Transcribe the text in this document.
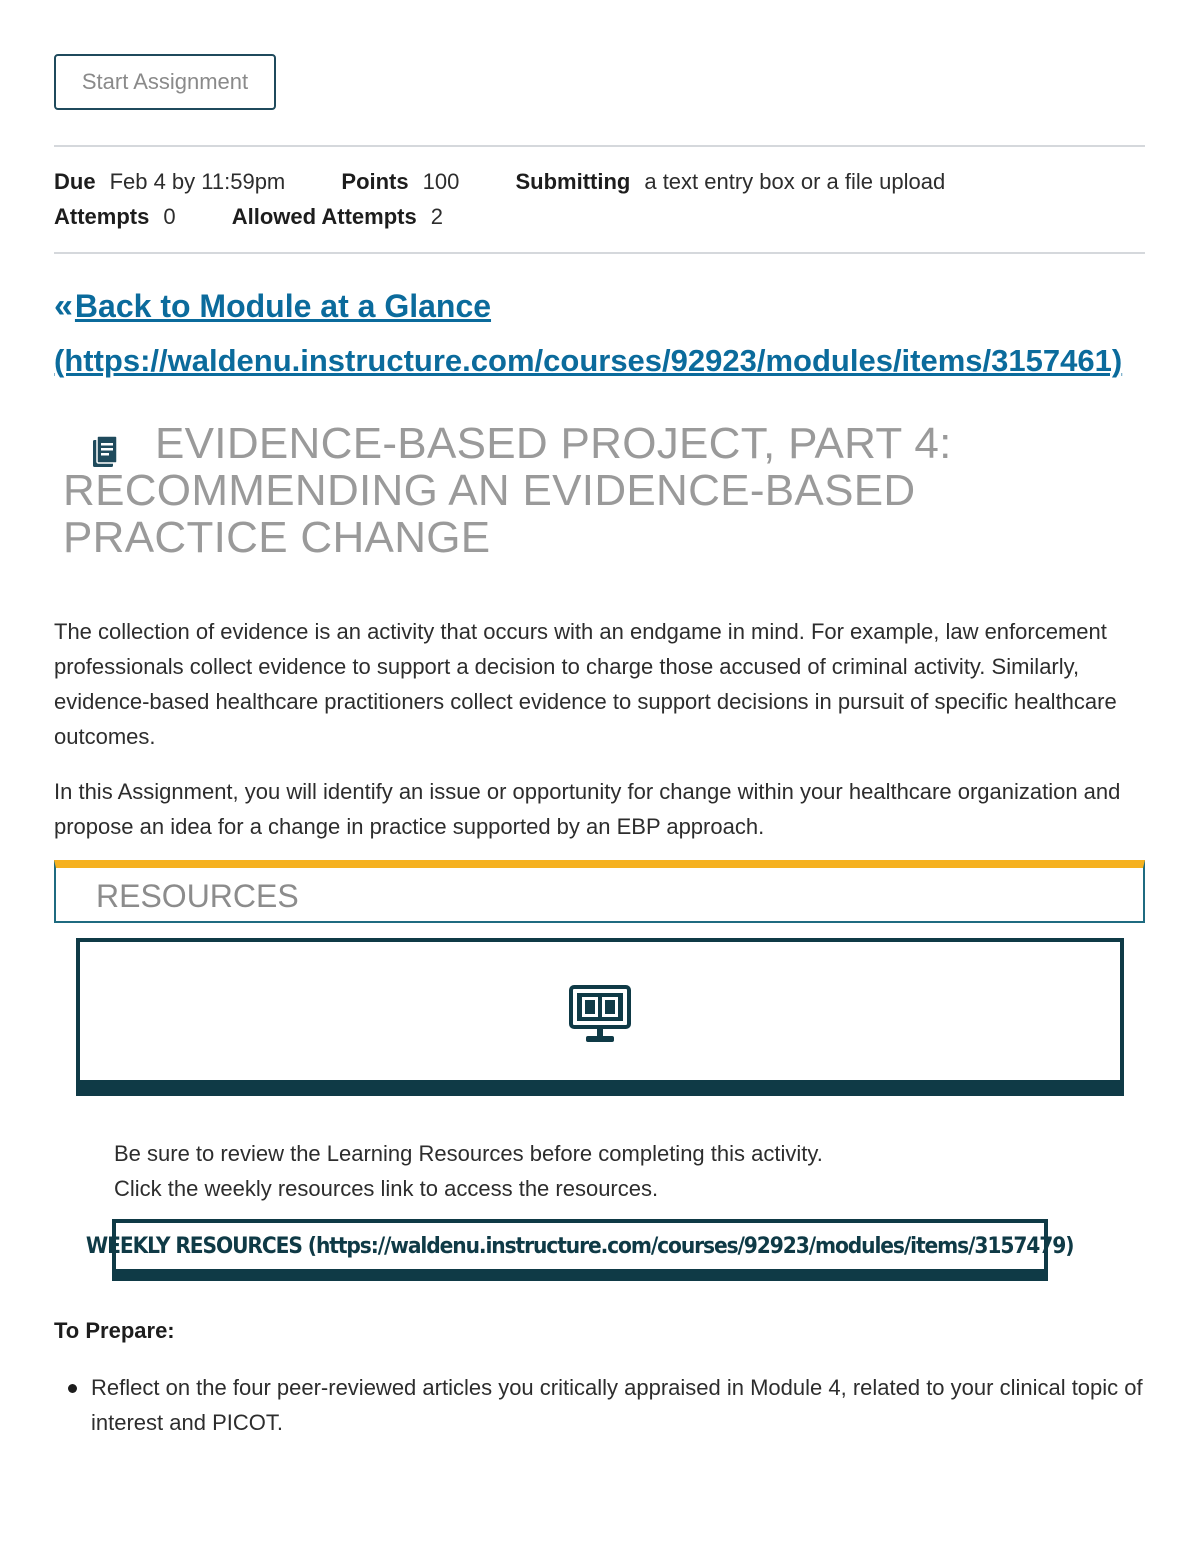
Start Assignment
Due Feb 4 by 11:59pm	Points 100	Submitting a text entry box or a file upload
Attempts 0	Allowed Attempts 2
« Back to Module at a Glance
(https://waldenu.instructure.com/courses/92923/modules/items/3157461)
EVIDENCE-BASED PROJECT, PART 4:
RECOMMENDING AN EVIDENCE-BASED
PRACTICE CHANGE
The collection of evidence is an activity that occurs with an endgame in mind. For example, law enforcement professionals collect evidence to support a decision to charge those accused of criminal activity. Similarly, evidence-based healthcare practitioners collect evidence to support decisions in pursuit of specific healthcare outcomes.
In this Assignment, you will identify an issue or opportunity for change within your healthcare organization and propose an idea for a change in practice supported by an EBP approach.
RESOURCES
Be sure to review the Learning Resources before completing this activity.
Click the weekly resources link to access the resources.
WEEKLY RESOURCES (https://waldenu.instructure.com/courses/92923/modules/items/3157479)
To Prepare:
Reflect on the four peer-reviewed articles you critically appraised in Module 4, related to your clinical topic of interest and PICOT.
